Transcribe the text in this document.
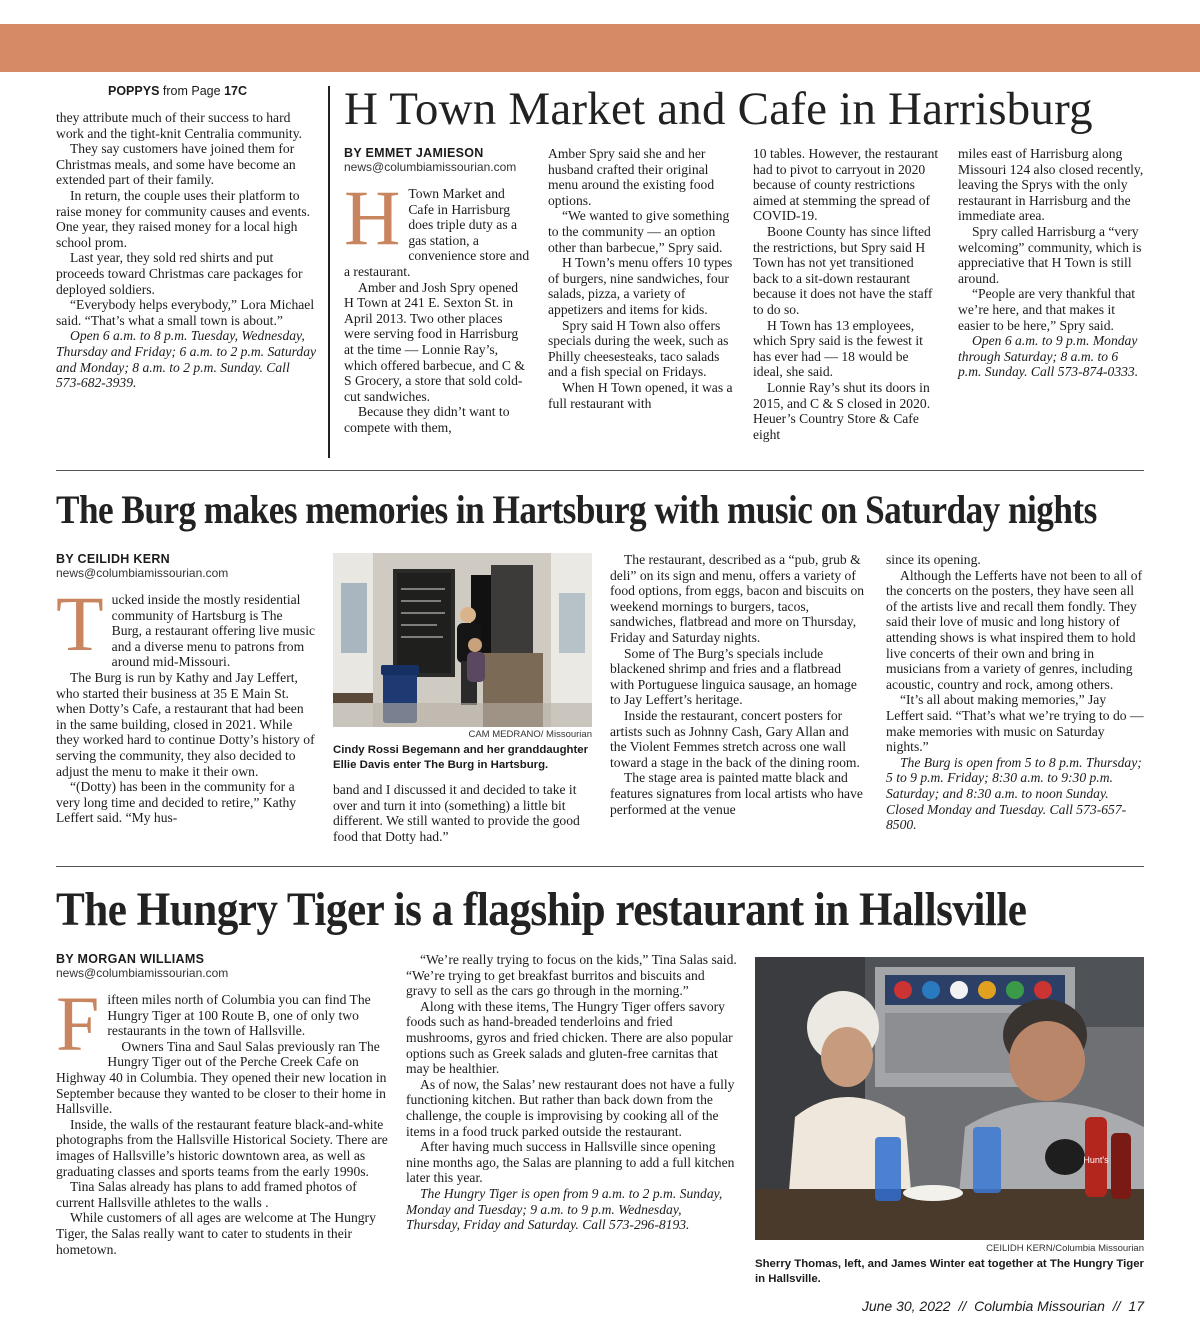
POPPYS from Page 17C

they attribute much of their success to hard work and the tight-knit Centralia community.

They say customers have joined them for Christmas meals, and some have become an extended part of their family.

In return, the couple uses their platform to raise money for community causes and events. One year, they raised money for a local high school prom.

Last year, they sold red shirts and put proceeds toward Christmas care packages for deployed soldiers.

“Everybody helps everybody,” Lora Michael said. “That’s what a small town is about.”

Open 6 a.m. to 8 p.m. Tuesday, Wednesday, Thursday and Friday; 6 a.m. to 2 p.m. Saturday and Monday; 8 a.m. to 2 p.m. Sunday. Call 573-682-3939.

H Town Market and Cafe in Harrisburg
BY EMMET JAMIESON
news@columbiamissourian.com

H Town Market and Cafe in Harrisburg does triple duty as a gas station, a convenience store and a restaurant.

Amber and Josh Spry opened H Town at 241 E. Sexton St. in April 2013. Two other places were serving food in Harrisburg at the time — Lonnie Ray’s, which offered barbecue, and C & S Grocery, a store that sold cold-cut sandwiches.

Because they didn’t want to compete with them,

Amber Spry said she and her husband crafted their original menu around the existing food options.

“We wanted to give something to the community — an option other than barbecue,” Spry said.

H Town’s menu offers 10 types of burgers, nine sandwiches, four salads, pizza, a variety of appetizers and items for kids.

Spry said H Town also offers specials during the week, such as Philly cheesesteaks, taco salads and a fish special on Fridays.

When H Town opened, it was a full restaurant with

10 tables. However, the restaurant had to pivot to carryout in 2020 because of county restrictions aimed at stemming the spread of COVID-19.

Boone County has since lifted the restrictions, but Spry said H Town has not yet transitioned back to a sit-down restaurant because it does not have the staff to do so.

H Town has 13 employees, which Spry said is the fewest it has ever had — 18 would be ideal, she said.

Lonnie Ray’s shut its doors in 2015, and C & S closed in 2020. Heuer’s Country Store & Cafe eight

miles east of Harrisburg along Missouri 124 also closed recently, leaving the Sprys with the only restaurant in Harrisburg and the immediate area.

Spry called Harrisburg a “very welcoming” community, which is appreciative that H Town is still around.

“People are very thankful that we’re here, and that makes it easier to be here,” Spry said.

Open 6 a.m. to 9 p.m. Monday through Saturday; 8 a.m. to 6 p.m. Sunday. Call 573-874-0333.

The Burg makes memories in Hartsburg with music on Saturday nights
BY CEILIDH KERN
news@columbiamissourian.com

Tucked inside the mostly residential community of Hartsburg is The Burg, a restaurant offering live music and a diverse menu to patrons from around mid-Missouri.

The Burg is run by Kathy and Jay Leffert, who started their business at 35 E Main St. when Dotty’s Cafe, a restaurant that had been in the same building, closed in 2021. While they worked hard to continue Dotty’s history of serving the community, they also decided to adjust the menu to make it their own.

“(Dotty) has been in the community for a very long time and decided to retire,” Kathy Leffert said. “My hus-

CAM MEDRANO/ Missourian
Cindy Rossi Begemann and her granddaughter Ellie Davis enter The Burg in Hartsburg.

band and I discussed it and decided to take it over and turn it into (something) a little bit different. We still wanted to provide the good food that Dotty had.”

The restaurant, described as a “pub, grub & deli” on its sign and menu, offers a variety of food options, from eggs, bacon and biscuits on weekend mornings to burgers, tacos, sandwiches, flatbread and more on Thursday, Friday and Saturday nights.

Some of The Burg’s specials include blackened shrimp and fries and a flatbread with Portuguese linguica sausage, an homage to Jay Leffert’s heritage.

Inside the restaurant, concert posters for artists such as Johnny Cash, Gary Allan and the Violent Femmes stretch across one wall toward a stage in the back of the dining room.

The stage area is painted matte black and features signatures from local artists who have performed at the venue

since its opening.

Although the Lefferts have not been to all of the concerts on the posters, they have seen all of the artists live and recall them fondly. They said their love of music and long history of attending shows is what inspired them to hold live concerts of their own and bring in musicians from a variety of genres, including acoustic, country and rock, among others.

“It’s all about making memories,” Jay Leffert said. “That’s what we’re trying to do — make memories with music on Saturday nights.”

The Burg is open from 5 to 8 p.m. Thursday; 5 to 9 p.m. Friday; 8:30 a.m. to 9:30 p.m. Saturday; and 8:30 a.m. to noon Sunday. Closed Monday and Tuesday. Call 573-657-8500.

The Hungry Tiger is a flagship restaurant in Hallsville
BY MORGAN WILLIAMS
news@columbiamissourian.com

Fifteen miles north of Columbia you can find The Hungry Tiger at 100 Route B, one of only two restaurants in the town of Hallsville.

Owners Tina and Saul Salas previously ran The Hungry Tiger out of the Perche Creek Cafe on Highway 40 in Columbia. They opened their new location in September because they wanted to be closer to their home in Hallsville.

Inside, the walls of the restaurant feature black-and-white photographs from the Hallsville Historical Society. There are images of Hallsville’s historic downtown area, as well as graduating classes and sports teams from the early 1990s.

Tina Salas already has plans to add framed photos of current Hallsville athletes to the walls .

While customers of all ages are welcome at The Hungry Tiger, the Salas really want to cater to students in their hometown.

“We’re really trying to focus on the kids,” Tina Salas said. “We’re trying to get breakfast burritos and biscuits and gravy to sell as the cars go through in the morning.”

Along with these items, The Hungry Tiger offers savory foods such as hand-breaded tenderloins and fried mushrooms, gyros and fried chicken. There are also popular options such as Greek salads and gluten-free carnitas that may be healthier.

As of now, the Salas’ new restaurant does not have a fully functioning kitchen. But rather than back down from the challenge, the couple is improvising by cooking all of the items in a food truck parked outside the restaurant.

After having much success in Hallsville since opening nine months ago, the Salas are planning to add a full kitchen later this year.

The Hungry Tiger is open from 9 a.m. to 2 p.m. Sunday, Monday and Tuesday; 9 a.m. to 9 p.m. Wednesday, Thursday, Friday and Saturday. Call 573-296-8193.

Hunt's
CEILIDH KERN/Columbia Missourian
Sherry Thomas, left, and James Winter eat together at The Hungry Tiger in Hallsville.
June 30, 2022 // Columbia Missourian // 17
